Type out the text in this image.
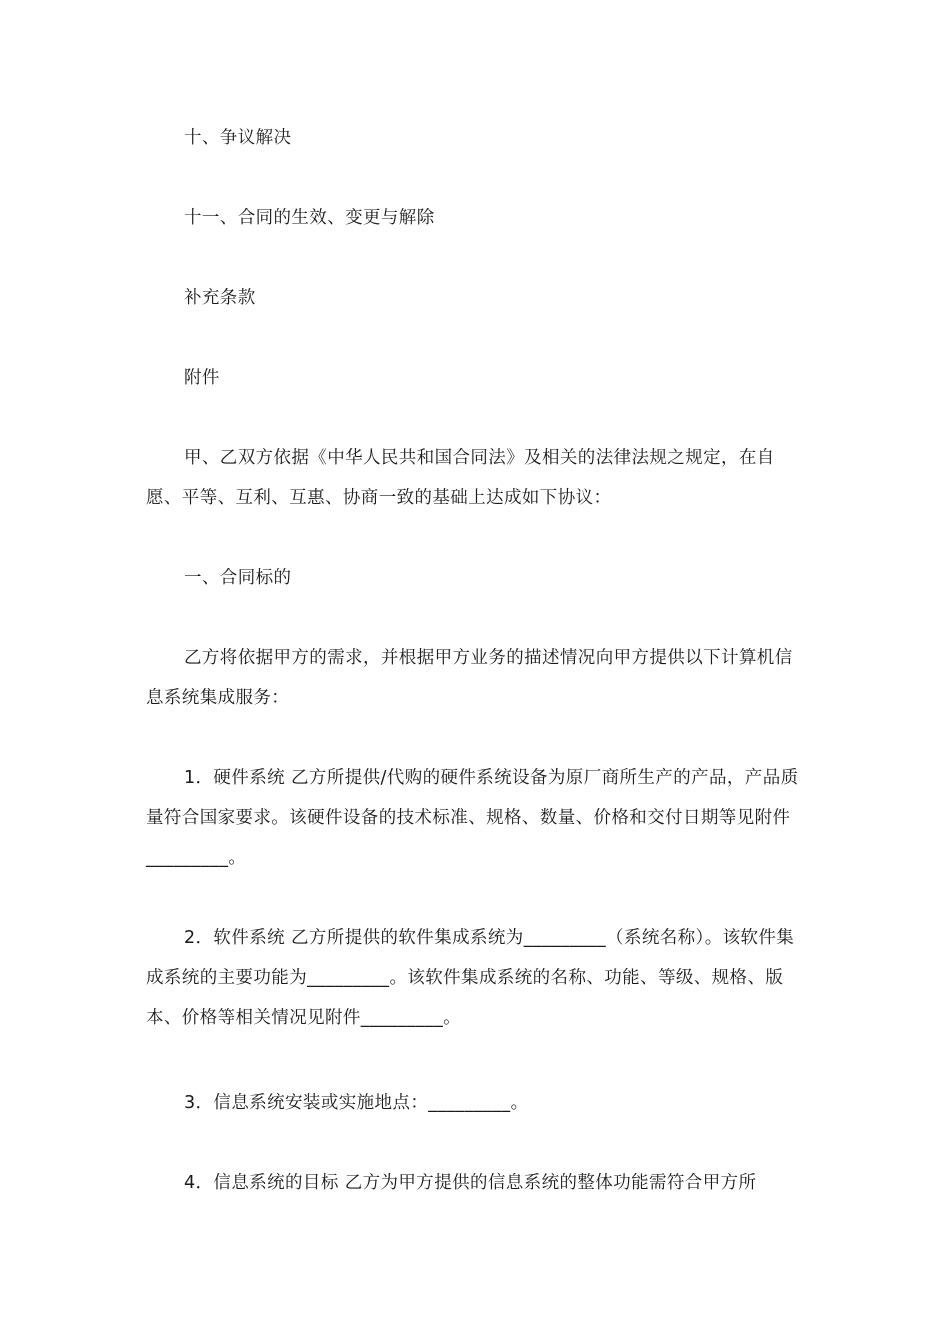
十、争议解决

十一、合同的生效、变更与解除

补充条款

附件

甲、乙双方依据《中华人民共和国合同法》及相关的法律法规之规定，在自愿、平等、互利、互惠、协商一致的基础上达成如下协议：

一、合同标的

乙方将依据甲方的需求，并根据甲方业务的描述情况向甲方提供以下计算机信息系统集成服务：

1．硬件系统 乙方所提供/代购的硬件系统设备为原厂商所生产的产品，产品质量符合国家要求。该硬件设备的技术标准、规格、数量、价格和交付日期等见附件_________。

2．软件系统 乙方所提供的软件集成系统为_________（系统名称）。该软件集成系统的主要功能为_________。该软件集成系统的名称、功能、等级、规格、版本、价格等相关情况见附件_________。

3．信息系统安装或实施地点：_________。

4．信息系统的目标 乙方为甲方提供的信息系统的整体功能需符合甲方所
